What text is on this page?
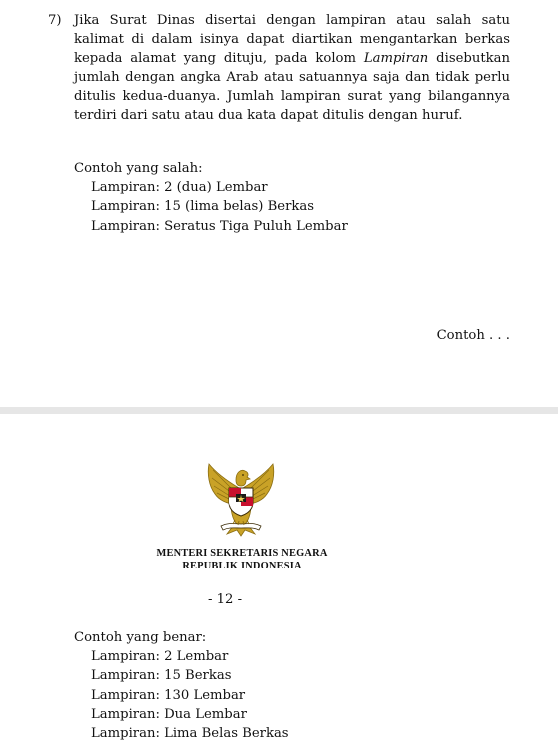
7) Jika Surat Dinas disertai dengan lampiran atau salah satu kalimat di dalam isinya dapat diartikan mengantarkan berkas kepada alamat yang dituju, pada kolom Lampiran disebutkan jumlah dengan angka Arab atau satuannya saja dan tidak perlu ditulis kedua-duanya. Jumlah lampiran surat yang bilangannya terdiri dari satu atau dua kata dapat ditulis dengan huruf.
Contoh yang salah:
Lampiran: 2 (dua) Lembar
Lampiran: 15 (lima belas) Berkas
Lampiran: Seratus Tiga Puluh Lembar
Contoh . . .
MENTERI SEKRETARIS NEGARA
REPUBLIK INDONESIA
- 12 -
Contoh yang benar:
Lampiran: 2 Lembar
Lampiran: 15 Berkas
Lampiran: 130 Lembar
Lampiran: Dua Lembar
Lampiran: Lima Belas Berkas
